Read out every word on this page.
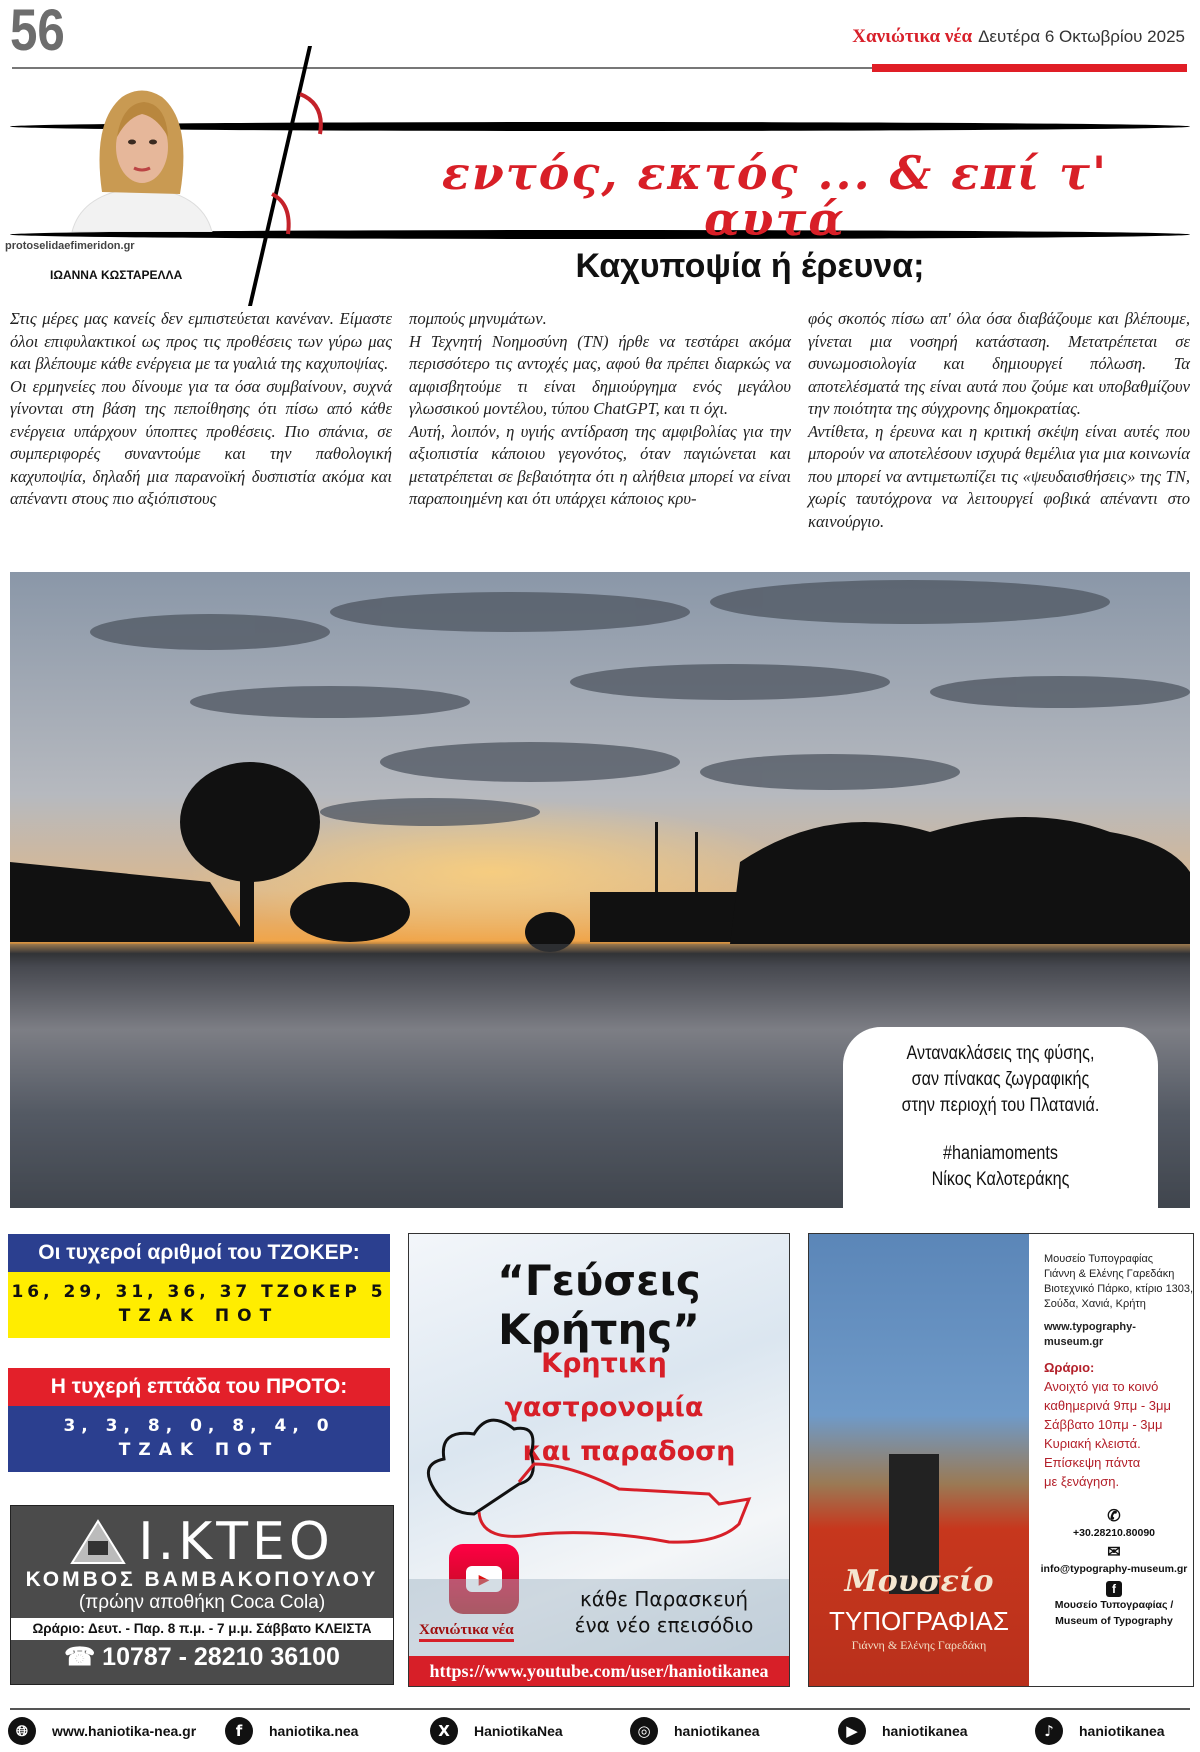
56	Χανιώτικα νέα Δευτέρα 6 Οκτωβρίου 2025
εντός, εκτός ... & επί τ' αυτά
protoselidaefimeridon.gr
ΙΩΑΝΝΑ ΚΩΣΤΑΡΕΛΛΑ	Καχυποψία ή έρευνα;

Στις μέρες μας κανείς δεν εμπιστεύεται κανέναν. Είμαστε όλοι επιφυλακτικοί ως προς τις προθέσεις των γύρω μας και βλέπουμε κάθε ενέργεια με τα γυαλιά της καχυποψίας.

Οι ερμηνείες που δίνουμε για τα όσα συμβαίνουν, συχνά γίνονται στη βάση της πεποίθησης ότι πίσω από κάθε ενέργεια υπάρχουν ύποπτες προθέσεις. Πιο σπάνια, σε συμπεριφορές συναντούμε και την παθολογική καχυποψία, δηλαδή μια παρανοϊκή δυσπιστία ακόμα και απέναντι στους πιο αξιόπιστους

πομπούς μηνυμάτων.

Η Τεχνητή Νοημοσύνη (ΤΝ) ήρθε να τεστάρει ακόμα περισσότερο τις αντοχές μας, αφού θα πρέπει διαρκώς να αμφισβητούμε τι είναι δημιούργημα ενός μεγάλου γλωσσικού μοντέλου, τύπου ChatGPT, και τι όχι.

Αυτή, λοιπόν, η υγιής αντίδραση της αμφιβολίας για την αξιοπιστία κάποιου γεγονότος, όταν παγιώνεται και μετατρέπεται σε βεβαιότητα ότι η αλήθεια μπορεί να είναι παραποιημένη και ότι υπάρχει κάποιος κρυ-

φός σκοπός πίσω απ' όλα όσα διαβάζουμε και βλέπουμε, γίνεται μια νοσηρή κατάσταση. Μετατρέπεται σε συνωμοσιολογία και δημιουργεί πόλωση. Τα αποτελέσματά της είναι αυτά που ζούμε και υποβαθμίζουν την ποιότητα της σύγχρονης δημοκρατίας.

Αντίθετα, η έρευνα και η κριτική σκέψη είναι αυτές που μπορούν να αποτελέσουν ισχυρά θεμέλια για μια κοινωνία που μπορεί να αντιμετωπίζει τις «ψευδαισθήσεις» της ΤΝ, χωρίς ταυτόχρονα να λειτουργεί φοβικά απέναντι στο καινούργιο.

Αντανακλάσεις της φύσης,

σαν πίνακας ζωγραφικής

στην περιοχή του Πλατανιά.

#haniamoments

Νίκος Καλοτεράκης

Οι τυχεροί αριθμοί του ΤΖΟΚΕΡ:
16, 29, 31, 36, 37 ΤΖΟΚΕΡ 5
ΤΖΑΚ ΠΟΤ
Η τυχερή επτάδα του ΠΡΟΤΟ:
3, 3, 8, 0, 8, 4, 0
ΤΖΑΚ ΠΟΤ
Ι.ΚΤΕΟ
ΚΟΜΒΟΣ ΒΑΜΒΑΚΟΠΟΥΛΟΥ
(πρώην αποθήκη Coca Cola)
Ωράριο: Δευτ. - Παρ. 8 π.μ. - 7 μ.μ. Σάββατο ΚΛΕΙΣΤΑ
☎ 10787 - 28210 36100
“Γεύσεις Κρήτης”
Κρητικη γαστρονομία
και παραδοση
▶
Χανιώτικα νέα
κάθε Παρασκευή
ένα νέο επεισόδιο
https://www.youtube.com/user/haniotikanea
Μουσείο
ΤΥΠΟΓΡΑΦΙΑΣ
Γιάννη & Ελένης Γαρεδάκη
Μουσείο Τυπογραφίας
Γιάννη & Ελένης Γαρεδάκη
Βιοτεχνικό Πάρκο, κτίριο 1303,
Σούδα, Χανιά, Κρήτη
www.typography-museum.gr
Ωράριο:
Ανοιχτό για το κοινό
καθημερινά 9πμ - 3μμ
Σάββατο 10πμ - 3μμ
Κυριακή κλειστά.
Επίσκεψη πάντα
με ξενάγηση.
✆
+30.28210.80090
✉
info@typography-museum.gr
f
Μουσείο Τυπογραφίας / Museum of Typography
🌐︎	www.haniotika-nea.gr	f	haniotika.nea	X	HaniotikaNea	◎	haniotikanea	▶	haniotikanea	♪	haniotikanea
